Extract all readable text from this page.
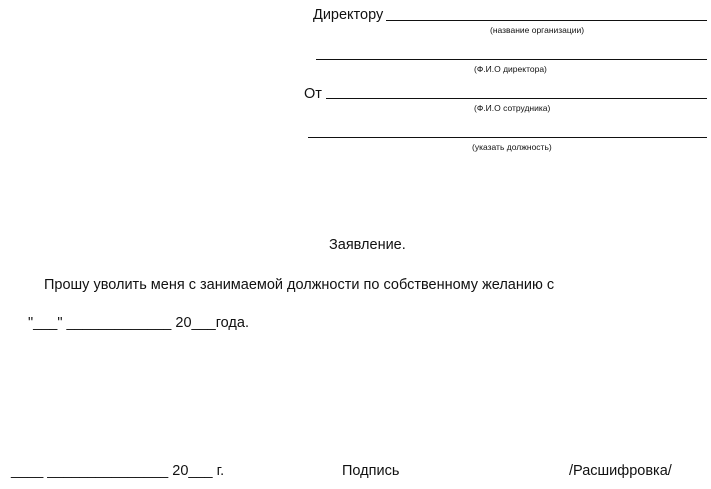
Директору
(название организации)
(Ф.И.О директора)
От
(Ф.И.О сотрудника)
(указать должность)
Заявление.
Прошу уволить меня с занимаемой должности по собственному желанию с
"___" _____________ 20___года.
____ _______________ 20___ г.	Подпись	/Расшифровка/
